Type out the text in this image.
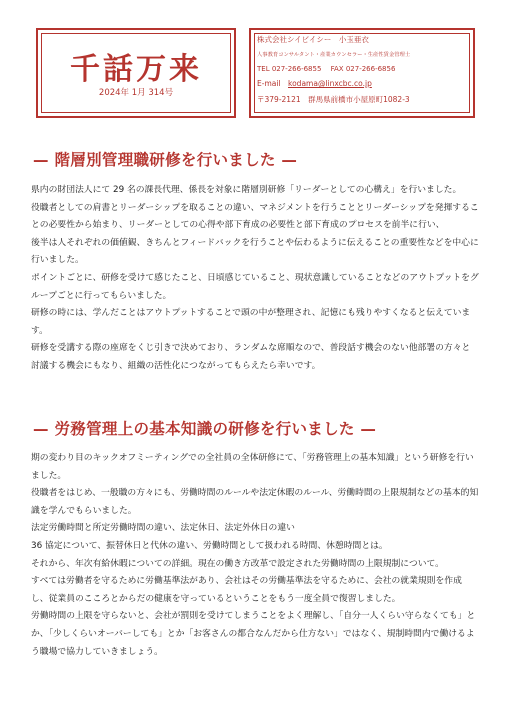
千話万来
2024年 1月 314号
株式会社シイビイシー　小玉亜衣
人事教育コンサルタント・産業カウンセラー・生産性賃金管理士
TEL 027-266-6855　 FAX 027-266-6856
E-mail　kodama@linxcbc.co.jp
〒379-2121　群馬県前橋市小屋原町1082-3
— 階層別管理職研修を行いました —

県内の財団法人にて 29 名の課長代理、係長を対象に階層別研修「リーダーとしての心構え」を行いました。

役職者としての肩書とリーダーシップを取ることの違い、マネジメントを行うこととリーダーシップを発揮することの必要性から始まり、リーダーとしての心得や部下育成の必要性と部下育成のプロセスを前半に行い、

後半は人それぞれの価値観、きちんとフィードバックを行うことや伝わるように伝えることの重要性などを中心に行いました。

ポイントごとに、研修を受けて感じたこと、日頃感じていること、現状意識していることなどのアウトプットをグループごとに行ってもらいました。

研修の時には、学んだことはアウトプットすることで頭の中が整理され、記憶にも残りやすくなると伝えています。

研修を受講する際の座席をくじ引きで決めており、ランダムな席順なので、普段話す機会のない他部署の方々と討議する機会にもなり、組織の活性化につながってもらえたら幸いです。

— 労務管理上の基本知識の研修を行いました —

期の変わり目のキックオフミーティングでの全社員の全体研修にて、「労務管理上の基本知識」という研修を行いました。

役職者をはじめ、一般職の方々にも、労働時間のルールや法定休暇のルール、労働時間の上限規制などの基本的知識を学んでもらいました。

法定労働時間と所定労働時間の違い、法定休日、法定外休日の違い

36 協定について、振替休日と代休の違い、労働時間として扱われる時間、休憩時間とは。

それから、年次有給休暇についての詳細。現在の働き方改革で設定された労働時間の上限規制について。

すべては労働者を守るために労働基準法があり、会社はその労働基準法を守るために、会社の就業規則を作成し、従業員のこころとからだの健康を守っているということをもう一度全員で復習しました。

労働時間の上限を守らないと、会社が罰則を受けてしまうことをよく理解し、「自分一人くらい守らなくても」とか、「少しくらいオーバーしても」とか「お客さんの都合なんだから仕方ない」ではなく、規制時間内で働けるよう職場で協力していきましょう。
